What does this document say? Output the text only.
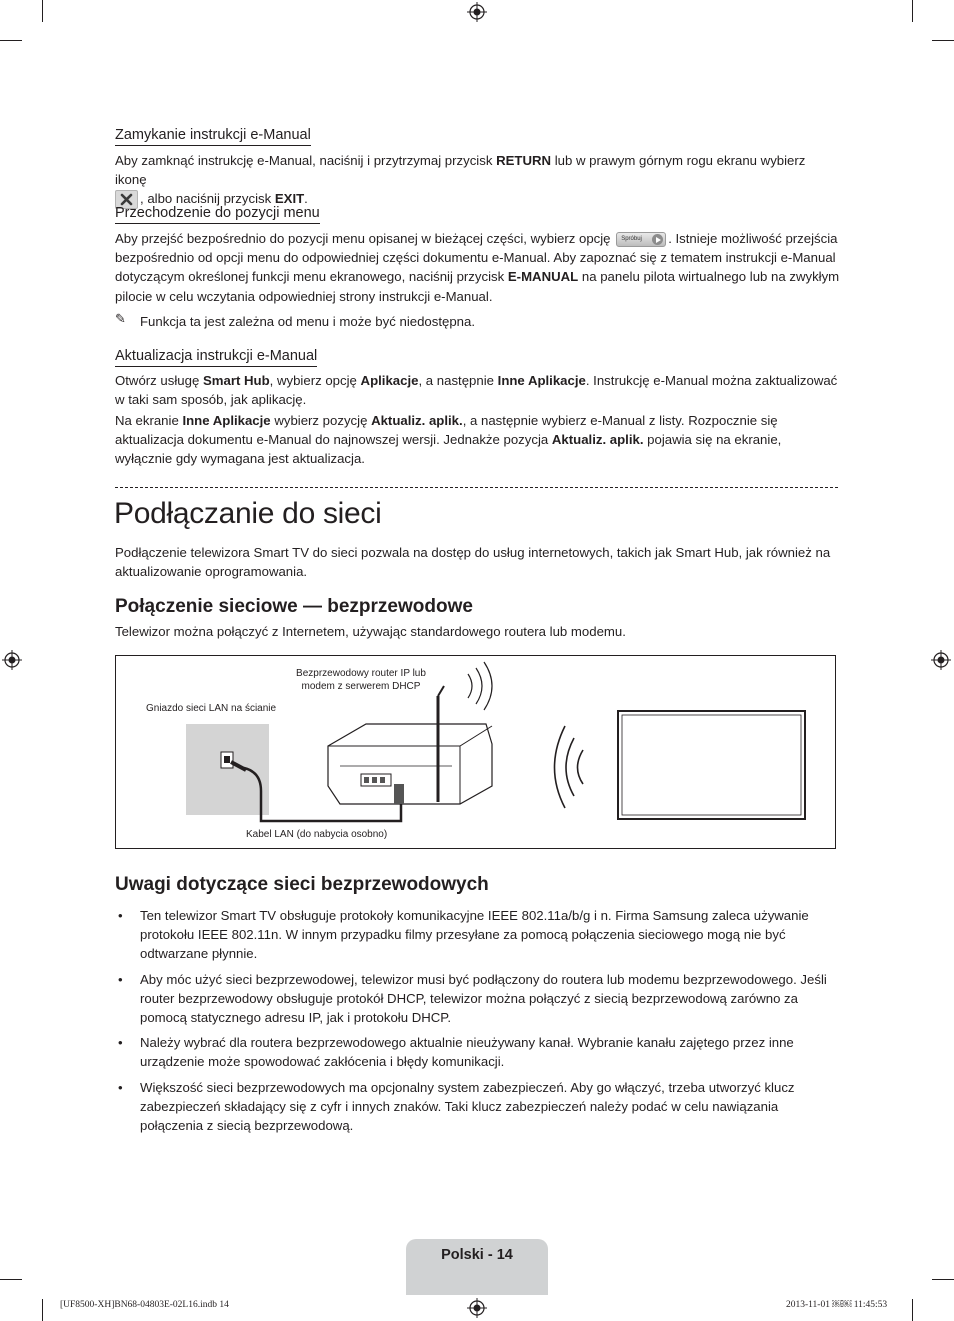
Zamykanie instrukcji e-Manual

Aby zamknąć instrukcję e-Manual, naciśnij i przytrzymaj przycisk RETURN lub w prawym górnym rogu ekranu wybierz ikonę

, albo naciśnij przycisk EXIT.

Przechodzenie do pozycji menu

Aby przejść bezpośrednio do pozycji menu opisanej w bieżącej części, wybierz opcję Spróbuj . Istnieje możliwość przejścia bezpośrednio od opcji menu do odpowiedniej części dokumentu e-Manual. Aby zapoznać się z tematem instrukcji e-Manual dotyczącym określonej funkcji menu ekranowego, naciśnij przycisk E-MANUAL na panelu pilota wirtualnego lub na zwykłym pilocie w celu wczytania odpowiedniej strony instrukcji e-Manual.

✎ Funkcja ta jest zależna od menu i może być niedostępna.
Aktualizacja instrukcji e-Manual

Otwórz usługę Smart Hub, wybierz opcję Aplikacje, a następnie Inne Aplikacje. Instrukcję e-Manual można zaktualizować w taki sam sposób, jak aplikację.

Na ekranie Inne Aplikacje wybierz pozycję Aktualiz. aplik., a następnie wybierz e-Manual z listy. Rozpocznie się aktualizacja dokumentu e-Manual do najnowszej wersji. Jednakże pozycja Aktualiz. aplik. pojawia się na ekranie, wyłącznie gdy wymagana jest aktualizacja.

Podłączanie do sieci

Podłączenie telewizora Smart TV do sieci pozwala na dostęp do usług internetowych, takich jak Smart Hub, jak również na aktualizowanie oprogramowania.

Połączenie sieciowe — bezprzewodowe

Telewizor można połączyć z Internetem, używając standardowego routera lub modemu.

Bezprzewodowy router IP lub
modem z serwerem DHCP
Gniazdo sieci LAN na ścianie
Kabel LAN (do nabycia osobno)
Uwagi dotyczące sieci bezprzewodowych
• Ten telewizor Smart TV obsługuje protokoły komunikacyjne IEEE 802.11a/b/g i n. Firma Samsung zaleca używanie protokołu IEEE 802.11n. W innym przypadku filmy przesyłane za pomocą połączenia sieciowego mogą nie być odtwarzane płynnie.
• Aby móc użyć sieci bezprzewodowej, telewizor musi być podłączony do routera lub modemu bezprzewodowego. Jeśli router bezprzewodowy obsługuje protokół DHCP, telewizor można połączyć z siecią bezprzewodową zarówno za pomocą statycznego adresu IP, jak i protokołu DHCP.
• Należy wybrać dla routera bezprzewodowego aktualnie nieużywany kanał. Wybranie kanału zajętego przez inne urządzenie może spowodować zakłócenia i błędy komunikacji.
• Większość sieci bezprzewodowych ma opcjonalny system zabezpieczeń. Aby go włączyć, trzeba utworzyć klucz zabezpieczeń składający się z cyfr i innych znaków. Taki klucz zabezpieczeń należy podać w celu nawiązania połączenia z siecią bezprzewodową.
Polski - 14
[UF8500-XH]BN68-04803E-02L16.indb 14	2013-11-01 ￼￼ 11:45:53
